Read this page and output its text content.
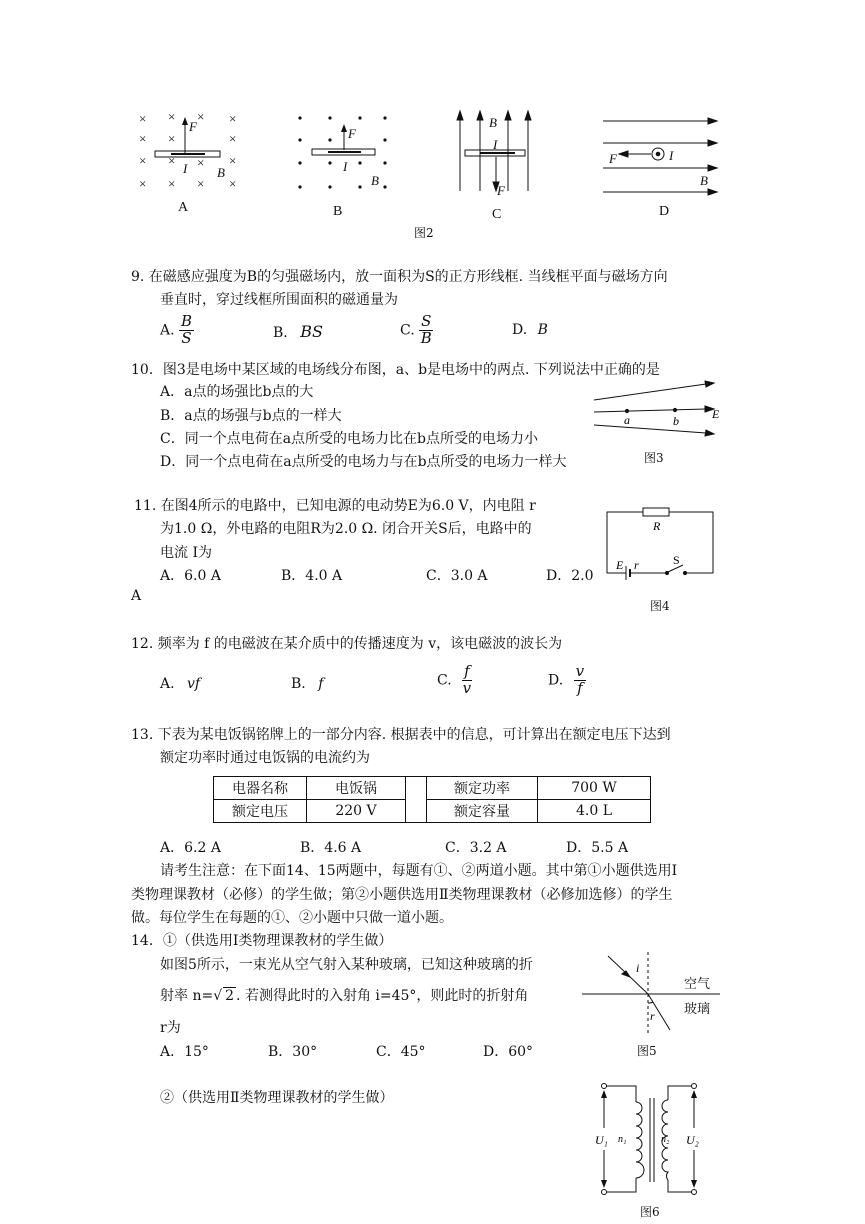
× × × ×
× ×	×
× × × ×
× × × ×
F
I B
A
F
I
B
B
B
I
F
C
F	I
B
D
图2
9. 在磁感应强度为B的匀强磁场内，放一面积为S的正方形线框. 当线框平面与磁场方向
垂直时，穿过线框所围面积的磁通量为
A. $\frac{B}{S}$	B. BS	C. $\frac{S}{B}$	D. B
10．图3是电场中某区域的电场线分布图，a、b是电场中的两点. 下列说法中正确的是
A．a点的场强比b点的大
B．a点的场强与b点的一样大
C．同一个点电荷在a点所受的电场力比在b点所受的电场力小
D．同一个点电荷在a点所受的电场力与在b点所受的电场力一样大
a	b	E
图3
11. 在图4所示的电路中，已知电源的电动势E为6.0 V，内电阻 r
为1.0 Ω，外电路的电阻R为2.0 Ω. 闭合开关S后，电路中的
电流 I为
A．6.0 A	B．4.0 A	C．3.0 A	D．2.0
A
R
E r	S
图4
12. 频率为 f 的电磁波在某介质中的传播速度为 v，该电磁波的波长为
A. vf	B. f	C. $\frac{f}{v}$	D. $\frac{v}{f}$
13. 下表为某电饭锅铭牌上的一部分内容. 根据表中的信息，可计算出在额定电压下达到
额定功率时通过电饭锅的电流约为
电器名称	电饭锅		额定功率	700 W
额定电压	220 V		额定容量	4.0 L
A．6.2 A	B．4.6 A	C．3.2 A	D．5.5 A
请考生注意：在下面14、15两题中，每题有①、②两道小题。其中第①小题供选用Ⅰ
类物理课教材（必修）的学生做；第②小题供选用Ⅱ类物理课教材（必修加选修）的学生
做。每位学生在每题的①、②小题中只做一道小题。
14．①（供选用Ⅰ类物理课教材的学生做）
如图5所示，一束光从空气射入某种玻璃，已知这种玻璃的折
射率 n=√ 2 . 若测得此时的入射角 i=45°，则此时的折射角
r为
A．15°	B．30°	C．45°	D．60°
i
r
空气
玻璃
图5
②（供选用Ⅱ类物理课教材的学生做）
U₁ n₁	n₂ U₂
图6
